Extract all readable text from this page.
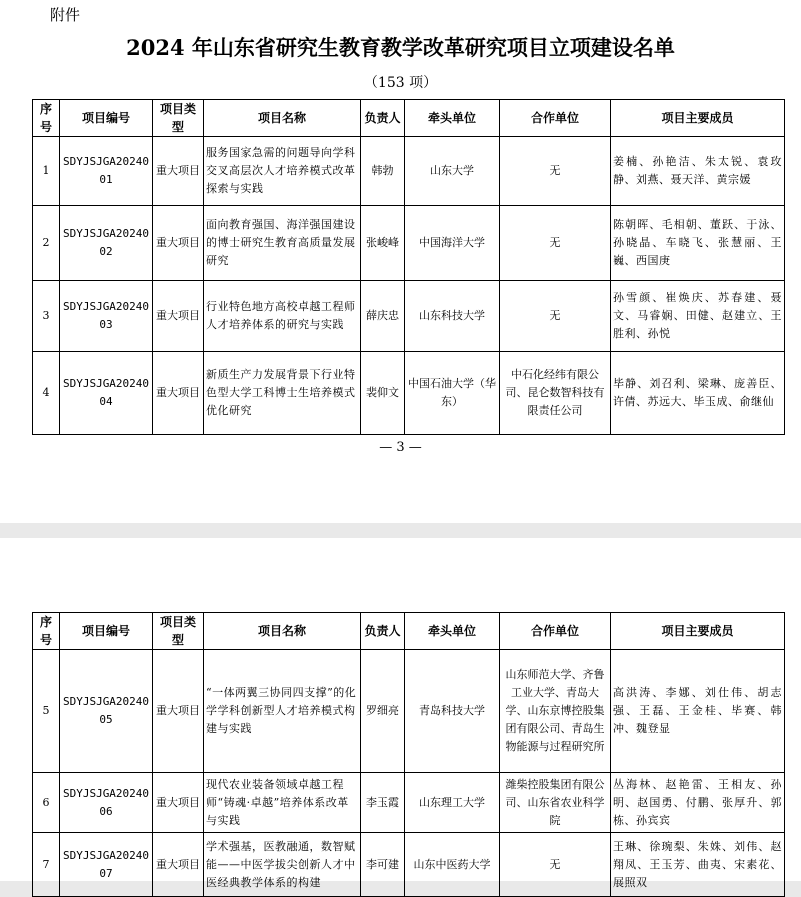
附件
2024 年山东省研究生教育教学改革研究项目立项建设名单
（153 项）
序号	项目编号	项目类型	项目名称	负责人	牵头单位	合作单位	项目主要成员
1	SDYJSJGA2024001	重大项目	服务国家急需的问题导向学科交叉高层次人才培养模式改革探索与实践	韩勃	山东大学	无	姜楠、孙艳洁、朱太锐、袁玫静、刘燕、聂天洋、黄宗媛
2	SDYJSJGA2024002	重大项目	面向教育强国、海洋强国建设的博士研究生教育高质量发展研究	张峻峰	中国海洋大学	无	陈朝晖、毛相朝、董跃、于泳、孙晓晶、车晓飞、张慧丽、王巍、西国庚
3	SDYJSJGA2024003	重大项目	行业特色地方高校卓越工程师人才培养体系的研究与实践	薛庆忠	山东科技大学	无	孙雪颜、崔焕庆、苏春建、聂文、马睿娴、田健、赵建立、王胜利、孙悦
4	SDYJSJGA2024004	重大项目	新质生产力发展背景下行业特色型大学工科博士生培养模式优化研究	裴仰文	中国石油大学（华东）	中石化经纬有限公司、昆仑数智科技有限责任公司	毕静、刘召利、梁琳、庞善臣、许倩、苏远大、毕玉成、俞继仙
— 3 —
序号	项目编号	项目类型	项目名称	负责人	牵头单位	合作单位	项目主要成员
5	SDYJSJGA2024005	重大项目	“一体两翼三协同四支撑”的化学学科创新型人才培养模式构建与实践	罗细亮	青岛科技大学	山东师范大学、齐鲁工业大学、青岛大学、山东京博控股集团有限公司、青岛生物能源与过程研究所	高洪涛、李娜、刘仕伟、胡志强、王磊、王金桂、毕赛、韩冲、魏登显
6	SDYJSJGA2024006	重大项目	现代农业装备领域卓越工程师“铸魂·卓越”培养体系改革与实践	李玉霞	山东理工大学	潍柴控股集团有限公司、山东省农业科学院	丛海林、赵艳雷、王相友、孙明、赵国勇、付鹏、张厚升、郭栋、孙宾宾
7	SDYJSJGA2024007	重大项目	学术强基，医教融通，数智赋能——中医学拔尖创新人才中医经典教学体系的构建	李可建	山东中医药大学	无	王琳、徐琬梨、朱姝、刘伟、赵翔凤、王玉芳、曲夷、宋素花、展照双
